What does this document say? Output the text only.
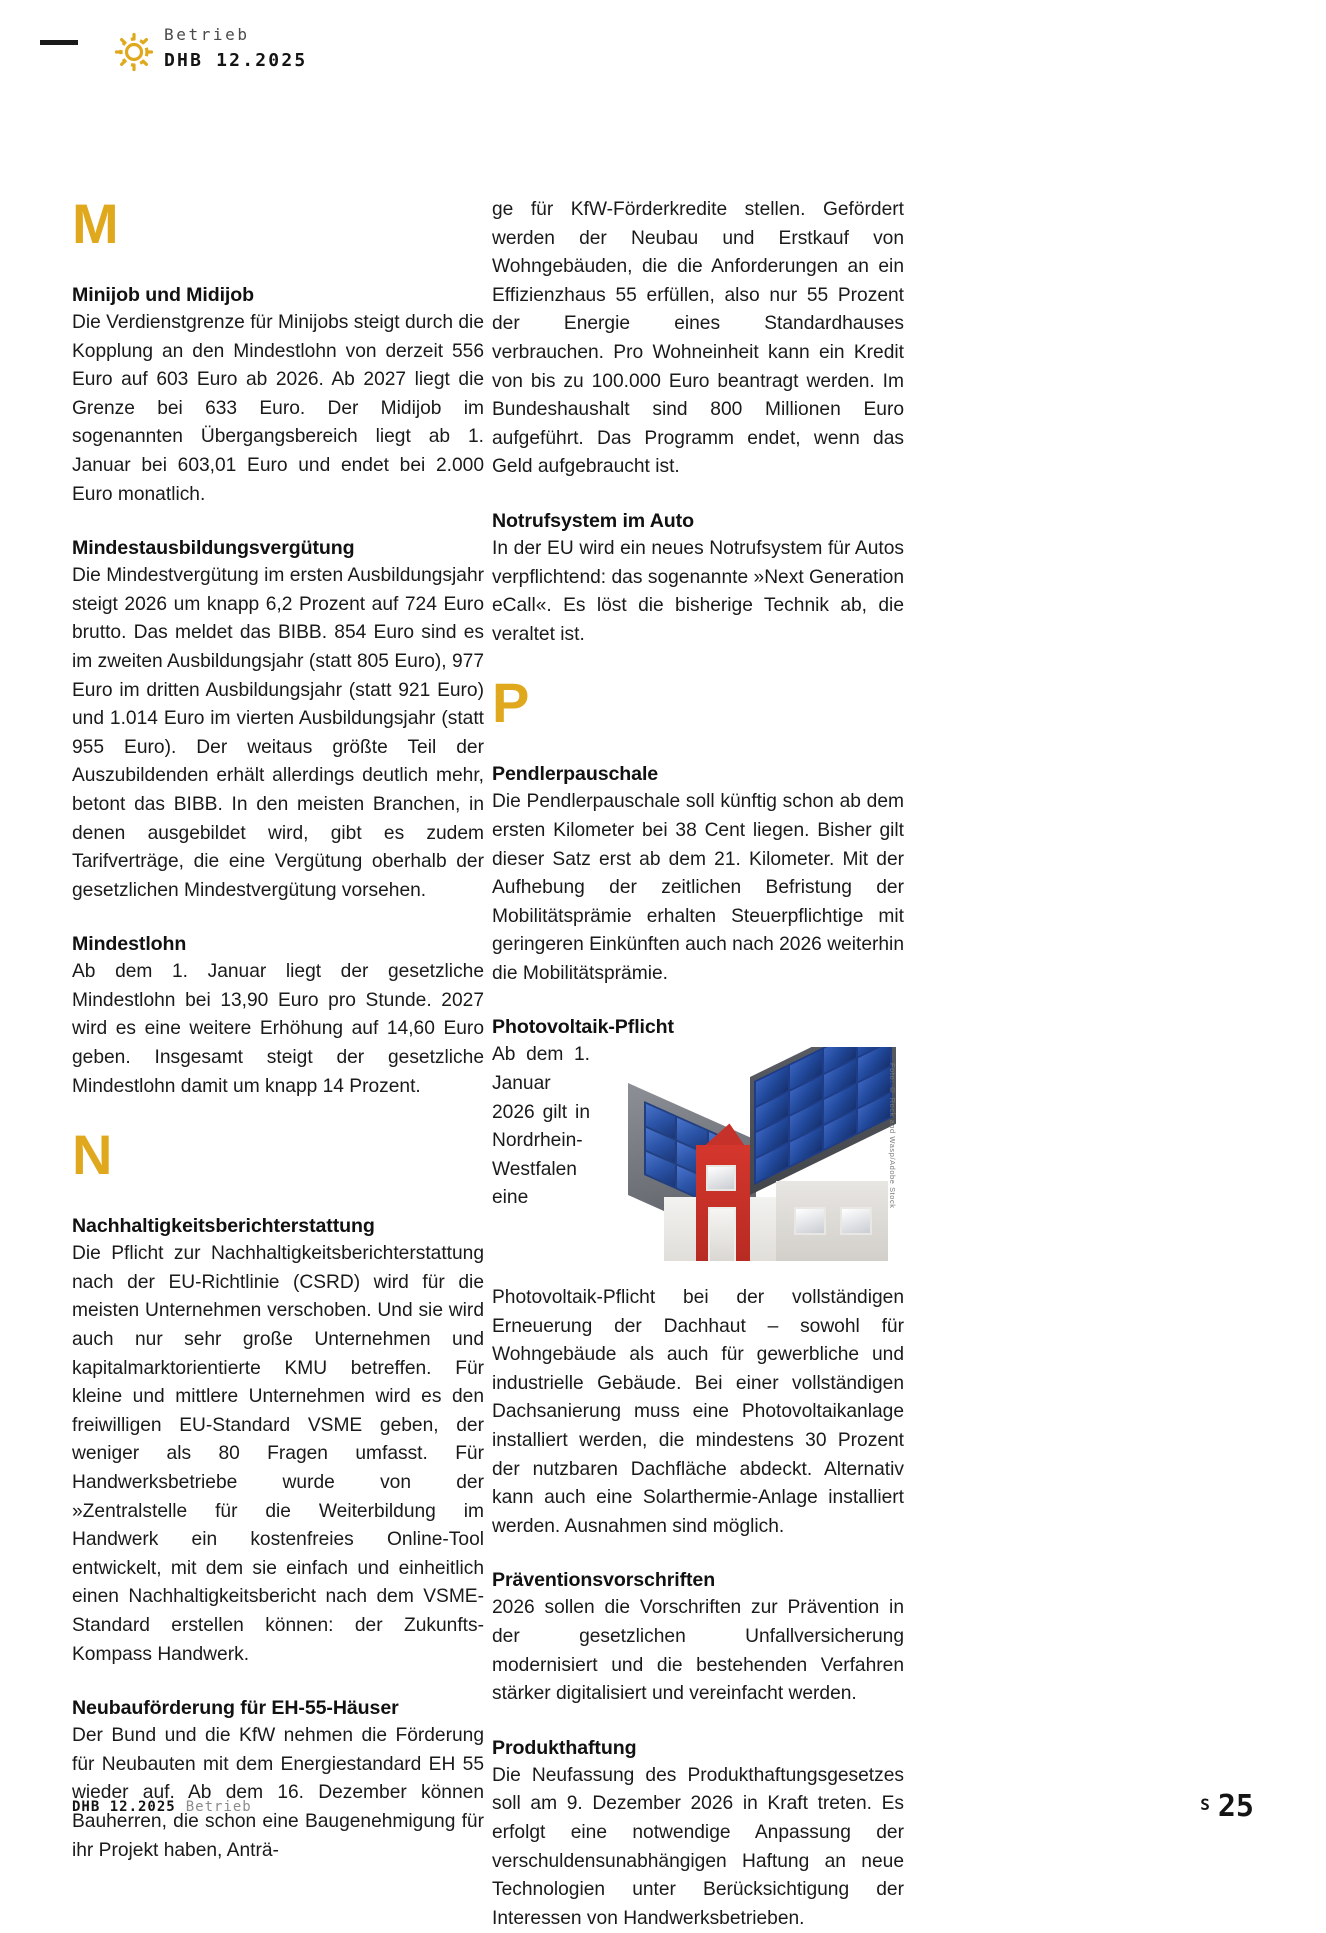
Betrieb
DHB 12.2025
M
Minijob und Midijob

Die Verdienstgrenze für Minijobs steigt durch die Kopplung an den Mindestlohn von derzeit 556 Euro auf 603 Euro ab 2026. Ab 2027 liegt die Grenze bei 633 Euro. Der Midijob im sogenannten Übergangsbereich liegt ab 1. Januar bei 603,01 Euro und endet bei 2.000 Euro monatlich.

Mindestausbildungsvergütung

Die Mindestvergütung im ersten Ausbildungsjahr steigt 2026 um knapp 6,2 Prozent auf 724 Euro brutto. Das meldet das BIBB. 854 Euro sind es im zweiten Ausbildungsjahr (statt 805 Euro), 977 Euro im dritten Ausbildungsjahr (statt 921 Euro) und 1.014 Euro im vierten Ausbildungsjahr (statt 955 Euro). Der weitaus größte Teil der Auszubildenden erhält allerdings deutlich mehr, betont das BIBB. In den meisten Branchen, in denen ausgebildet wird, gibt es zudem Tarifverträge, die eine Vergütung oberhalb der gesetzlichen Mindestvergütung vorsehen.

Mindestlohn

Ab dem 1. Januar liegt der gesetzliche Mindestlohn bei 13,90 Euro pro Stunde. 2027 wird es eine weitere Erhöhung auf 14,60 Euro geben. Insgesamt steigt der gesetzliche Mindestlohn damit um knapp 14 Prozent.

N
Nachhaltigkeitsberichterstattung

Die Pflicht zur Nachhaltigkeitsberichterstattung nach der EU-Richtlinie (CSRD) wird für die meisten Unternehmen verschoben. Und sie wird auch nur sehr große Unternehmen und kapitalmarktorientierte KMU betreffen. Für kleine und mittlere Unternehmen wird es den freiwilligen EU-Standard VSME geben, der weniger als 80 Fragen umfasst. Für Handwerksbetriebe wurde von der »Zentralstelle für die Weiterbildung im Handwerk ein kostenfreies Online-Tool entwickelt, mit dem sie einfach und einheitlich einen Nachhaltigkeitsbericht nach dem VSME-Standard erstellen können: der Zukunfts-Kompass Handwerk.

Neubauförderung für EH-55-Häuser

Der Bund und die KfW nehmen die Förderung für Neubauten mit dem Energiestandard EH 55 wieder auf. Ab dem 16. Dezember können Bauherren, die schon eine Baugenehmigung für ihr Projekt haben, Anträ-

ge für KfW-Förderkredite stellen. Gefördert werden der Neubau und Erstkauf von Wohngebäuden, die die Anforderungen an ein Effizienzhaus 55 erfüllen, also nur 55 Prozent der Energie eines Standardhauses verbrauchen. Pro Wohneinheit kann ein Kredit von bis zu 100.000 Euro beantragt werden. Im Bundeshaushalt sind 800 Millionen Euro aufgeführt. Das Programm endet, wenn das Geld aufgebraucht ist.

Notrufsystem im Auto

In der EU wird ein neues Notrufsystem für Autos verpflichtend: das sogenannte »Next Generation eCall«. Es löst die bisherige Technik ab, die veraltet ist.

P
Pendlerpauschale

Die Pendlerpauschale soll künftig schon ab dem ersten Kilometer bei 38 Cent liegen. Bisher gilt dieser Satz erst ab dem 21. Kilometer. Mit der Aufhebung der zeitlichen Befristung der Mobilitätsprämie erhalten Steuerpflichtige mit geringeren Einkünften auch nach 2026 weiterhin die Mobilitätsprämie.

Photovoltaik-Pflicht
Foto: © Rock and Wasp/Adobe Stock

Ab dem 1. Januar 2026 gilt in Nordrhein-Westfalen eine Photovoltaik-Pflicht bei der vollständigen Erneuerung der Dachhaut – sowohl für Wohngebäude als auch für gewerbliche und industrielle Gebäude. Bei einer vollständigen Dachsanierung muss eine Photovoltaikanlage installiert werden, die mindestens 30 Prozent der nutzbaren Dachfläche abdeckt. Alternativ kann auch eine Solarthermie-Anlage installiert werden. Ausnahmen sind möglich.

Präventionsvorschriften

2026 sollen die Vorschriften zur Prävention in der gesetzlichen Unfallversicherung modernisiert und die bestehenden Verfahren stärker digitalisiert und vereinfacht werden.

Produkthaftung

Die Neufassung des Produkthaftungsgesetzes soll am 9. Dezember 2026 in Kraft treten. Es erfolgt eine notwendige Anpassung der verschuldensunabhängigen Haftung an neue Technologien unter Berücksichtigung der Interessen von Handwerksbetrieben.

DHB 12.2025 Betrieb	S 25
